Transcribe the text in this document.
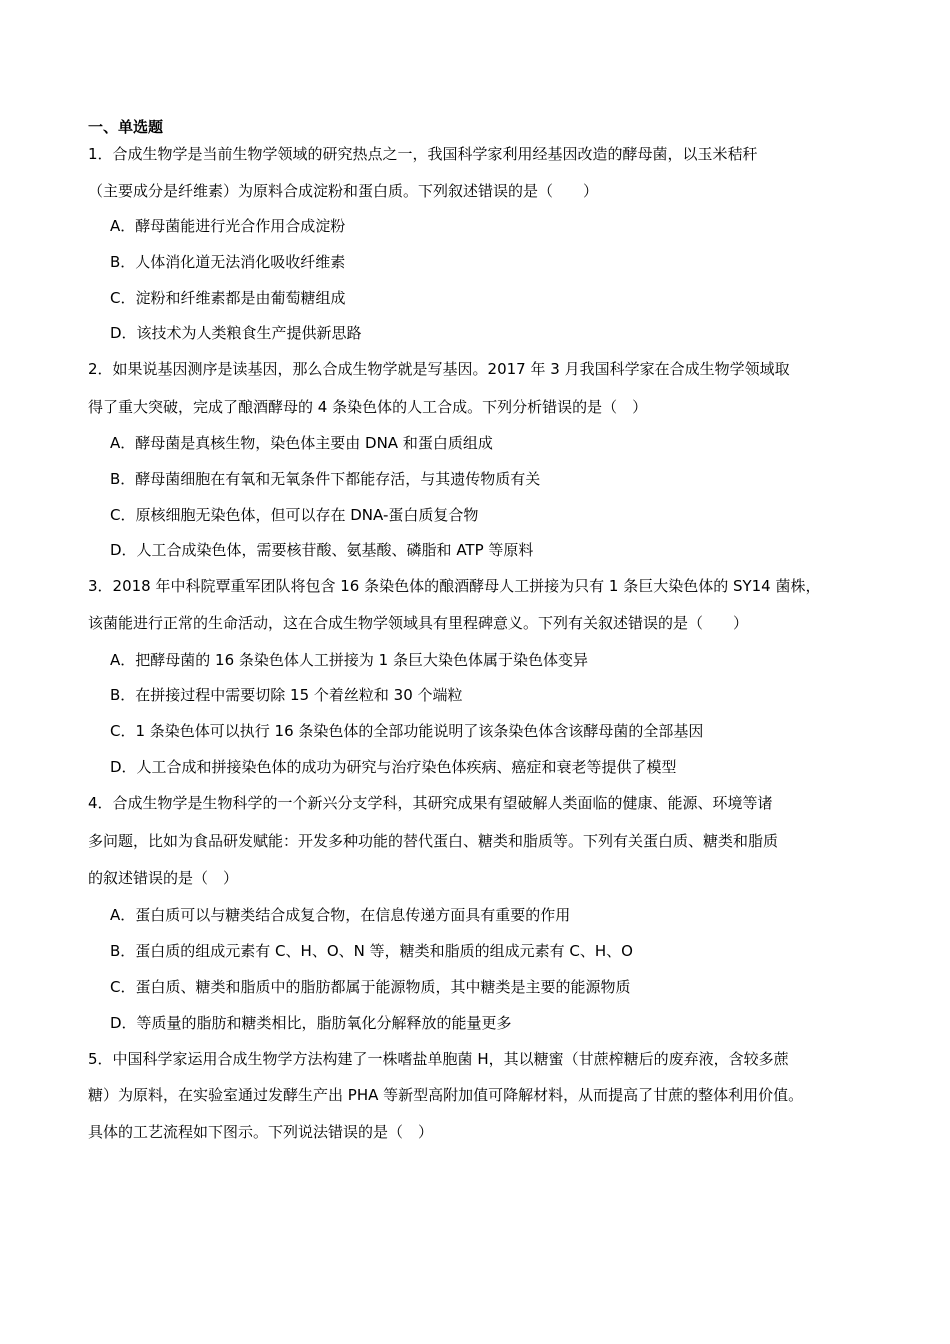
一、单选题
1．合成生物学是当前生物学领域的研究热点之一，我国科学家利用经基因改造的酵母菌，以玉米秸秆
（主要成分是纤维素）为原料合成淀粉和蛋白质。下列叙述错误的是（　　）
A．酵母菌能进行光合作用合成淀粉
B．人体消化道无法消化吸收纤维素
C．淀粉和纤维素都是由葡萄糖组成
D．该技术为人类粮食生产提供新思路
2．如果说基因测序是读基因，那么合成生物学就是写基因。2017 年 3 月我国科学家在合成生物学领域取
得了重大突破，完成了酿酒酵母的 4 条染色体的人工合成。下列分析错误的是（　）
A．酵母菌是真核生物，染色体主要由 DNA 和蛋白质组成
B．酵母菌细胞在有氧和无氧条件下都能存活，与其遗传物质有关
C．原核细胞无染色体，但可以存在 DNA-蛋白质复合物
D．人工合成染色体，需要核苷酸、氨基酸、磷脂和 ATP 等原料
3．2018 年中科院覃重军团队将包含 16 条染色体的酿酒酵母人工拼接为只有 1 条巨大染色体的 SY14 菌株，
该菌能进行正常的生命活动，这在合成生物学领域具有里程碑意义。下列有关叙述错误的是（　　）
A．把酵母菌的 16 条染色体人工拼接为 1 条巨大染色体属于染色体变异
B．在拼接过程中需要切除 15 个着丝粒和 30 个端粒
C．1 条染色体可以执行 16 条染色体的全部功能说明了该条染色体含该酵母菌的全部基因
D．人工合成和拼接染色体的成功为研究与治疗染色体疾病、癌症和衰老等提供了模型
4．合成生物学是生物科学的一个新兴分支学科，其研究成果有望破解人类面临的健康、能源、环境等诸
多问题，比如为食品研发赋能：开发多种功能的替代蛋白、糖类和脂质等。下列有关蛋白质、糖类和脂质
的叙述错误的是（　）
A．蛋白质可以与糖类结合成复合物，在信息传递方面具有重要的作用
B．蛋白质的组成元素有 C、H、O、N 等，糖类和脂质的组成元素有 C、H、O
C．蛋白质、糖类和脂质中的脂肪都属于能源物质，其中糖类是主要的能源物质
D．等质量的脂肪和糖类相比，脂肪氧化分解释放的能量更多
5．中国科学家运用合成生物学方法构建了一株嗜盐单胞菌 H，其以糖蜜（甘蔗榨糖后的废弃液，含较多蔗
糖）为原料，在实验室通过发酵生产出 PHA 等新型高附加值可降解材料，从而提高了甘蔗的整体利用价值。
具体的工艺流程如下图示。下列说法错误的是（　）
